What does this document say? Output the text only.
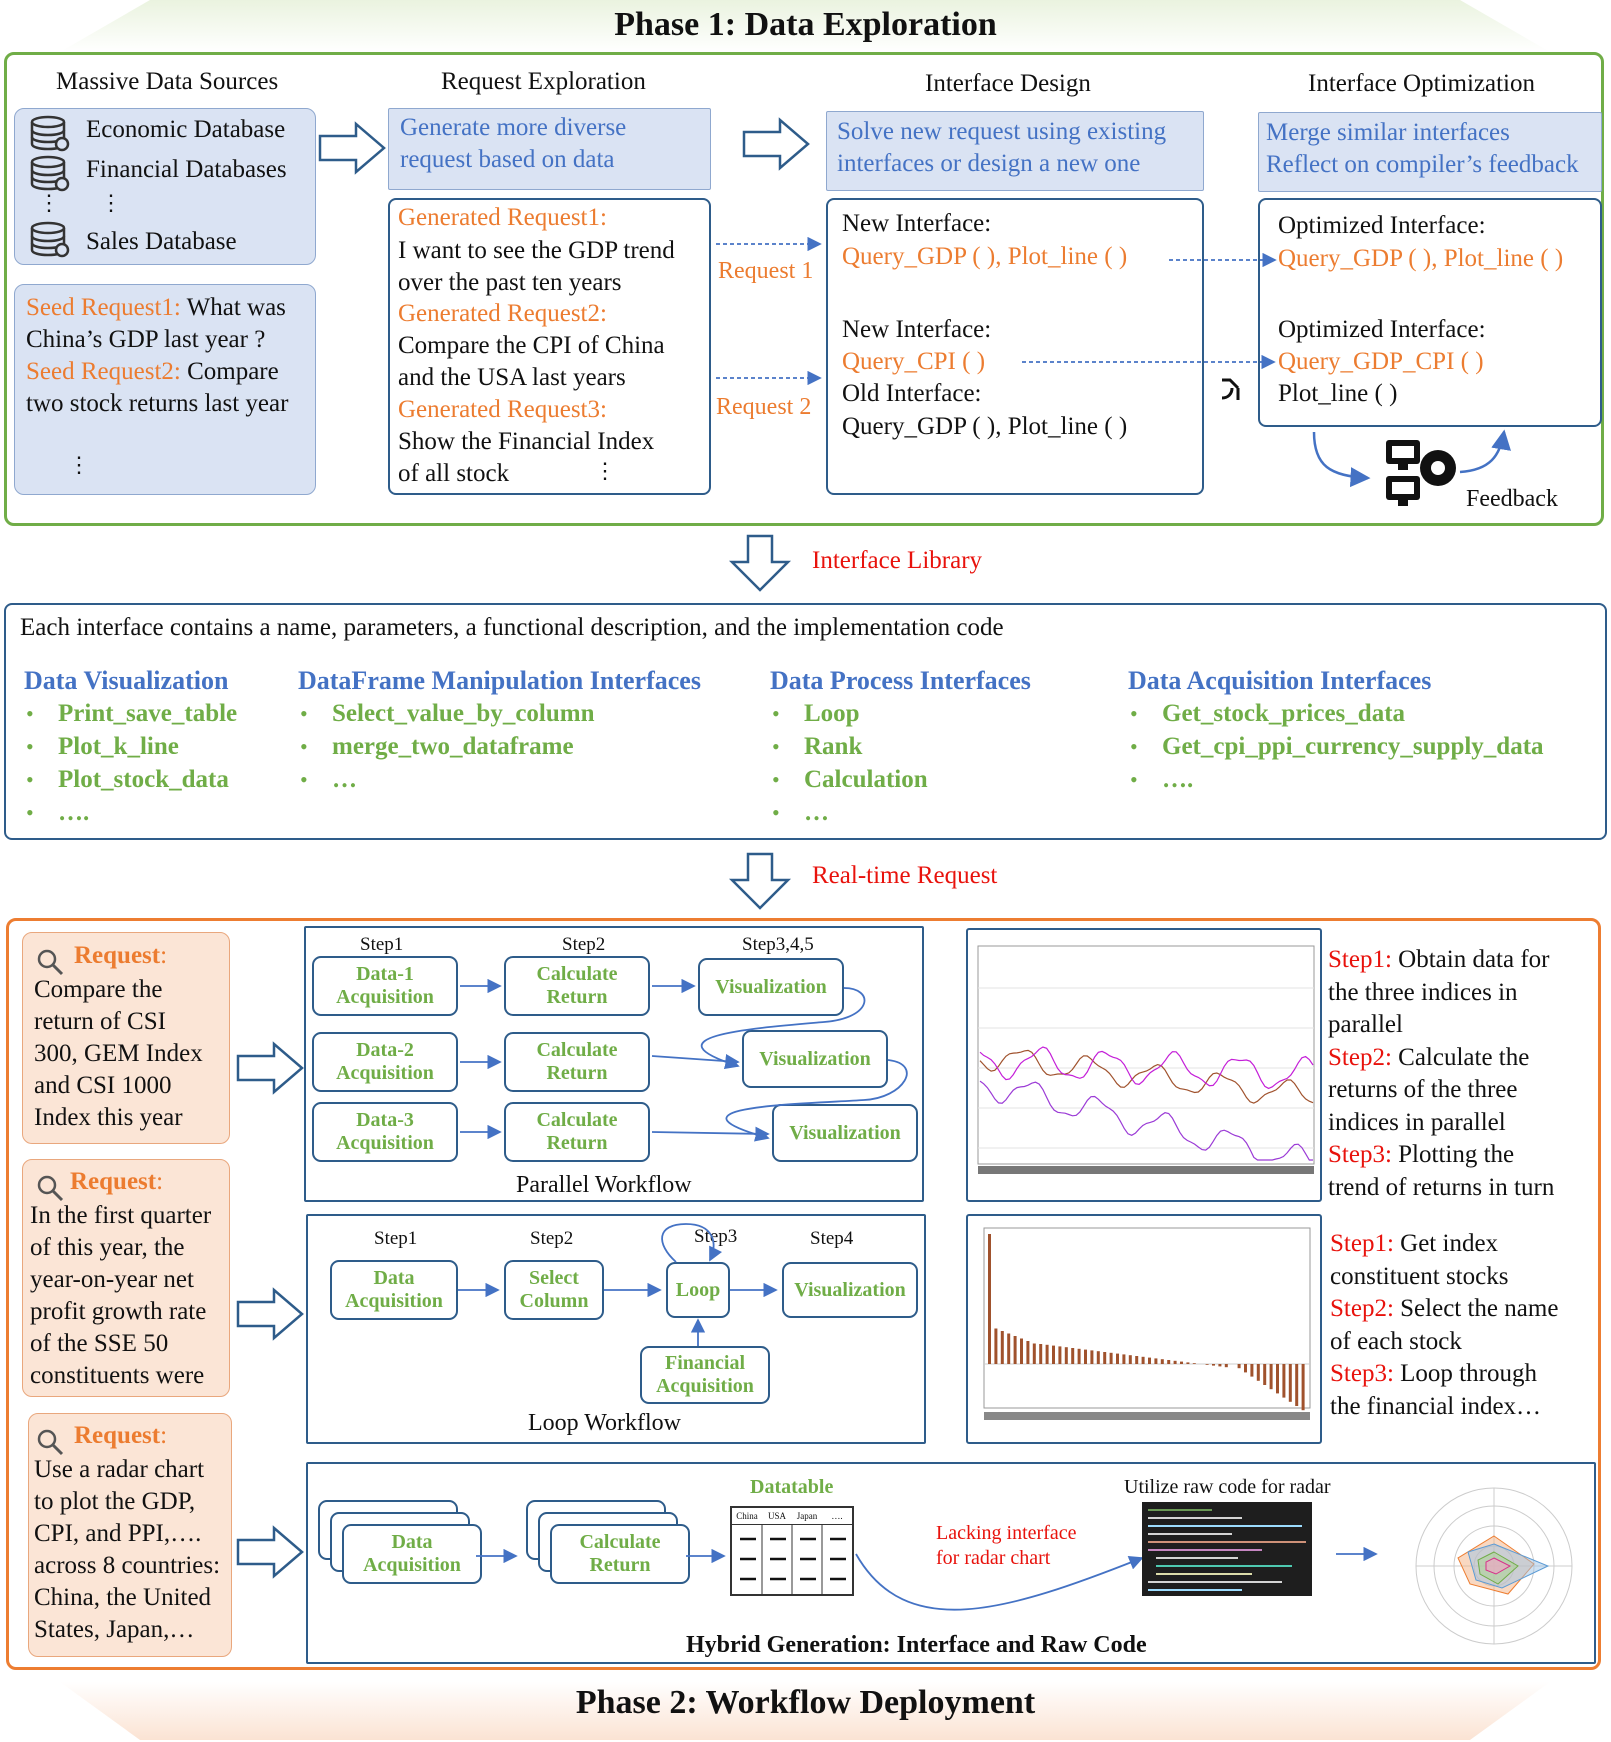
Phase 1: Data Exploration
Massive Data Sources
Economic Database
Financial Databases
⋮ ⋮
Sales Database
Seed Request1: What was
China’s GDP last year ?
Seed Request2: Compare
two stock returns last year
⋮
Request Exploration
Generate more diverse
request based on data
Generated Request1:
I want to see the GDP trend
over the past ten years
Generated Request2:
Compare the CPI of China
and the USA last years
Generated Request3:
Show the Financial Index
of all stock	⋮
Request 1
Request 2
Interface Design
Solve new request using existing
interfaces or design a new one
New Interface:
Query_GDP ( ), Plot_line ( )
New Interface:
Query_CPI ( )
Old Interface:
Query_GDP ( ), Plot_line ( )
Interface Optimization
Merge similar interfaces
Reflect on compiler’s feedback
Optimized Interface:
Query_GDP ( ), Plot_line ( )
Optimized Interface:
Query_GDP_CPI ( )
Plot_line ( )
Feedback
Interface Library
Each interface contains a name, parameters, a functional description, and the implementation code
Data Visualization
• Print_save_table
• Plot_k_line
• Plot_stock_data
• ….
DataFrame Manipulation Interfaces
• Select_value_by_column
• merge_two_dataframe
• …
Data Process Interfaces
• Loop
• Rank
• Calculation
• …
Data Acquisition Interfaces
• Get_stock_prices_data
• Get_cpi_ppi_currency_supply_data
• ….
Real-time Request
Request:
Compare the
return of CSI
300, GEM Index
and CSI 1000
Index this year
Request:
In the first quarter
of this year, the
year-on-year net
profit growth rate
of the SSE 50
constituents were
Request:
Use a radar chart
to plot the GDP,
CPI, and PPI,….
across 8 countries:
China, the United
States, Japan,…
Step1	Step2	Step3,4,5
Data-1
Acquisition
Data-2
Acquisition
Data-3
Acquisition
Calculate
Return
Calculate
Return
Calculate
Return
Visualization
Visualization
Visualization
Parallel Workflow
Step1	Step2	Step3	Step4
Data
Acquisition
Select
Column
Loop	Visualization
Financial
Acquisition
Loop Workflow
Data
Acquisition
Calculate
Return
Datatable
China	USA	Japan	….
Lacking interface
for radar chart
Utilize raw code for radar
Hybrid Generation: Interface and Raw Code
Step1: Obtain data for
the three indices in
parallel
Step2: Calculate the
returns of the three
indices in parallel
Step3: Plotting the
trend of returns in turn
Step1: Get index
constituent stocks
Step2: Select the name
of each stock
Step3: Loop through
the financial index…
Phase 2: Workflow Deployment
